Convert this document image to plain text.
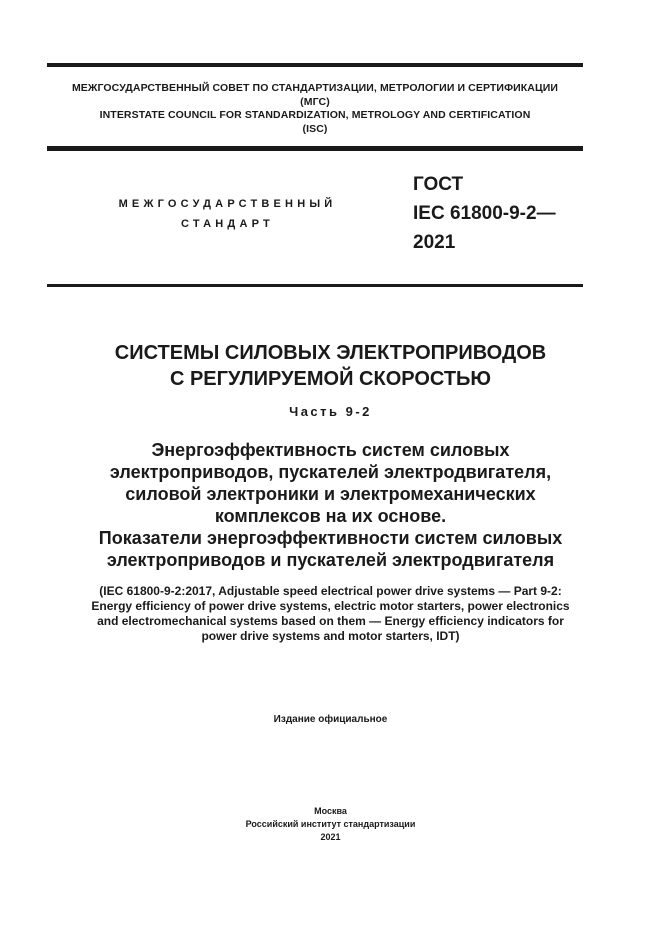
МЕЖГОСУДАРСТВЕННЫЙ СОВЕТ ПО СТАНДАРТИЗАЦИИ, МЕТРОЛОГИИ И СЕРТИФИКАЦИИ
(МГС)
INTERSTATE COUNCIL FOR STANDARDIZATION, METROLOGY AND CERTIFICATION
(ISC)
МЕЖГОСУДАРСТВЕННЫЙ
СТАНДАРТ
ГОСТ
IEC 61800-9-2—
2021
СИСТЕМЫ СИЛОВЫХ ЭЛЕКТРОПРИВОДОВ
С РЕГУЛИРУЕМОЙ СКОРОСТЬЮ
Часть 9-2
Энергоэффективность систем силовых
электроприводов, пускателей электродвигателя,
силовой электроники и электромеханических
комплексов на их основе.
Показатели энергоэффективности систем силовых
электроприводов и пускателей электродвигателя
(IEC 61800-9-2:2017, Adjustable speed electrical power drive systems — Part 9-2:
Energy efficiency of power drive systems, electric motor starters, power electronics
and electromechanical systems based on them — Energy efficiency indicators for
power drive systems and motor starters, IDT)
Издание официальное
Москва
Российский институт стандартизации
2021
